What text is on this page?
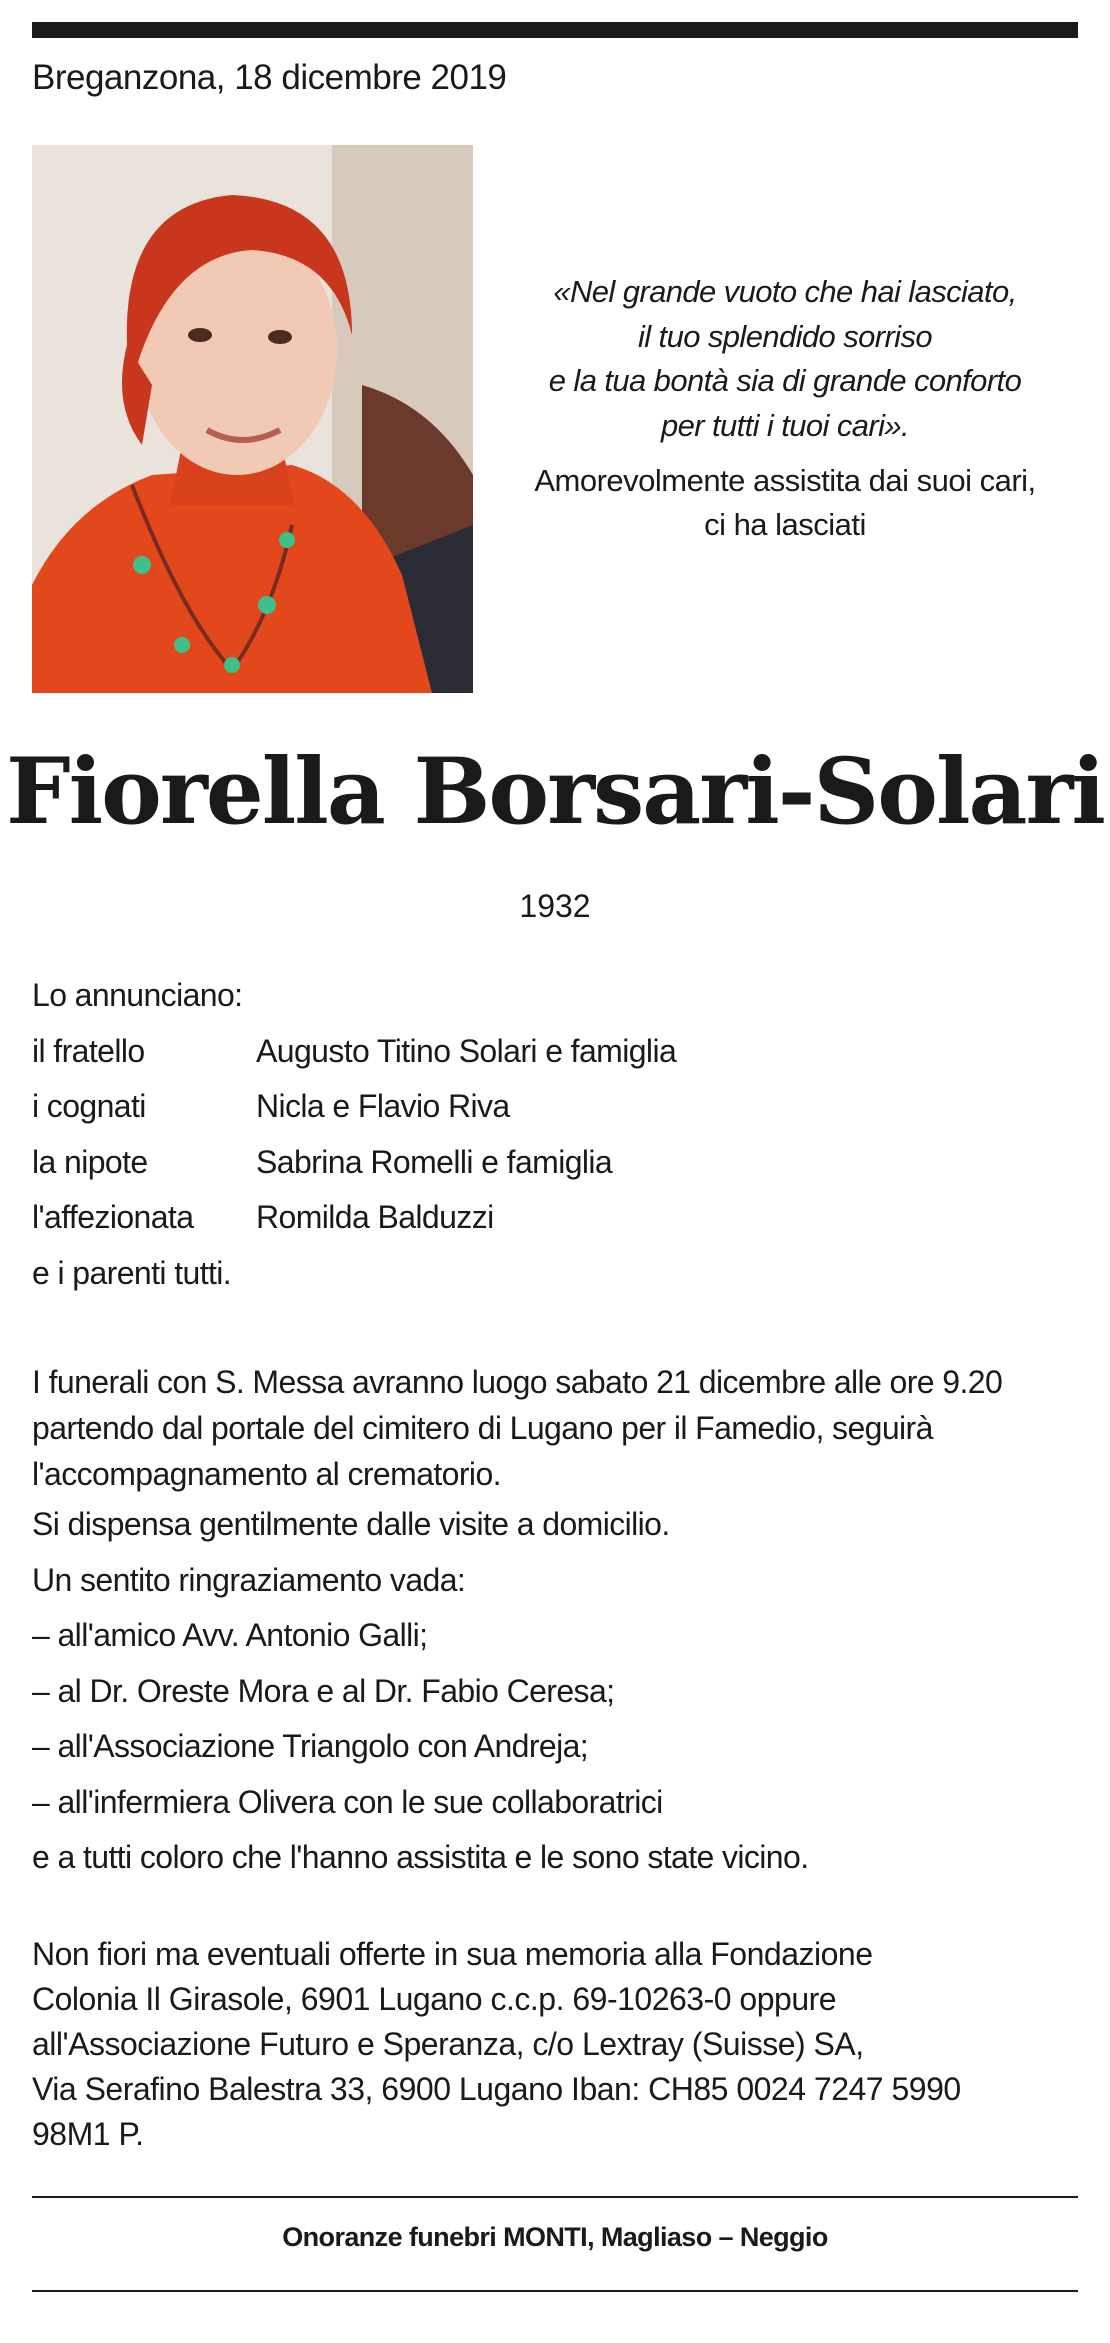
Breganzona, 18 dicembre 2019
«Nel grande vuoto che hai lasciato,
il tuo splendido sorriso
e la tua bontà sia di grande conforto
per tutti i tuoi cari».
Amorevolmente assistita dai suoi cari,
ci ha lasciati
Fiorella Borsari-Solari
1932
Lo annunciano:
il fratello	Augusto Titino Solari e famiglia
i cognati	Nicla e Flavio Riva
la nipote	Sabrina Romelli e famiglia
l'affezionata	Romilda Balduzzi
e i parenti tutti.
I funerali con S. Messa avranno luogo sabato 21 dicembre alle ore 9.20
partendo dal portale del cimitero di Lugano per il Famedio, seguirà
l'accompagnamento al crematorio.
Si dispensa gentilmente dalle visite a domicilio.
Un sentito ringraziamento vada:
– all'amico Avv. Antonio Galli;
– al Dr. Oreste Mora e al Dr. Fabio Ceresa;
– all'Associazione Triangolo con Andreja;
– all'infermiera Olivera con le sue collaboratrici
e a tutti coloro che l'hanno assistita e le sono state vicino.
Non fiori ma eventuali offerte in sua memoria alla Fondazione
Colonia Il Girasole, 6901 Lugano c.c.p. 69-10263-0 oppure
all'Associazione Futuro e Speranza, c/o Lextray (Suisse) SA,
Via Serafino Balestra 33, 6900 Lugano Iban: CH85 0024 7247 5990
98M1 P.
Onoranze funebri MONTI, Magliaso – Neggio
